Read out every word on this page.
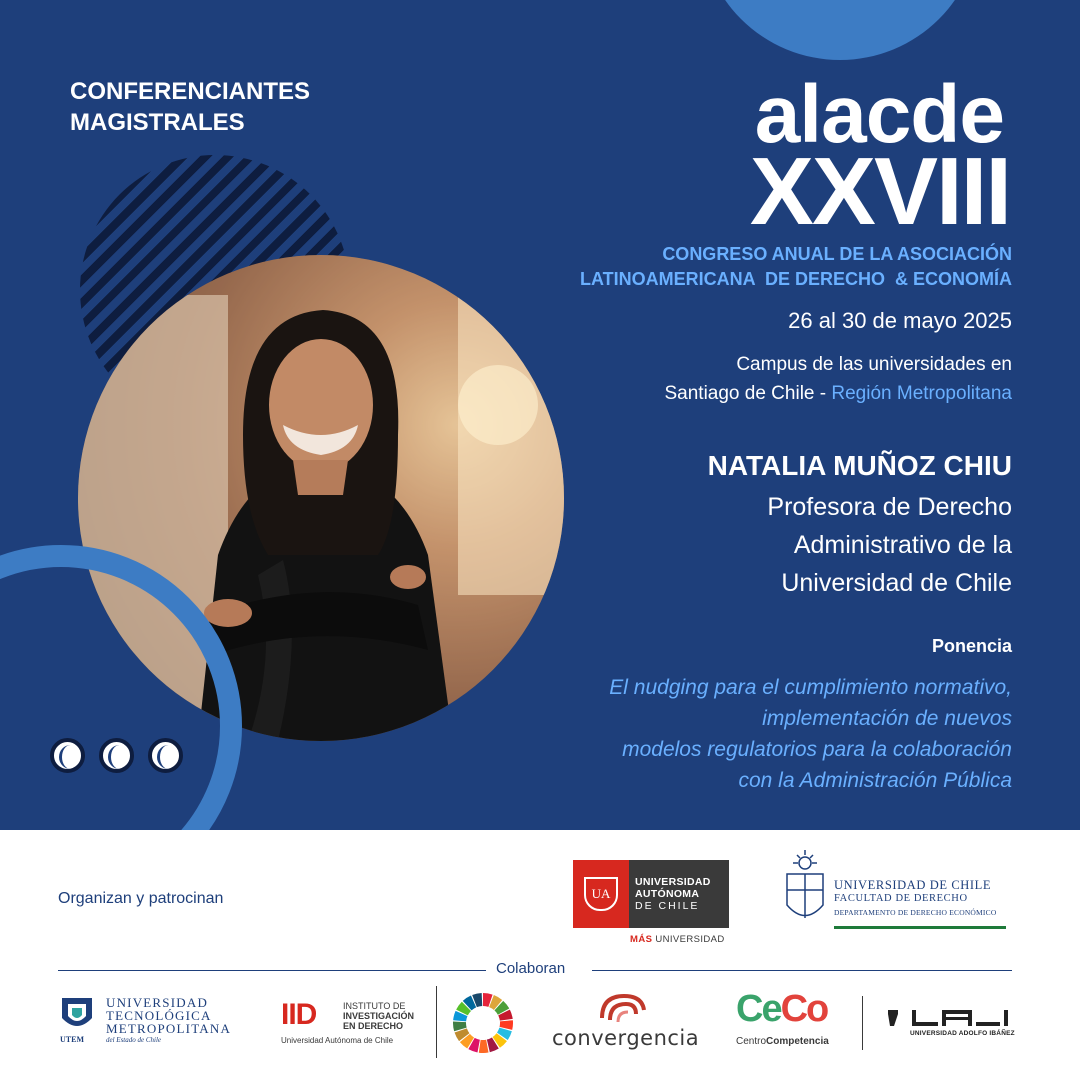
CONFERENCIANTES
MAGISTRALES	alacde
XXVIII
CONGRESO ANUAL DE LA ASOCIACIÓN
LATINOAMERICANA  DE DERECHO  & ECONOMÍA
26 al 30 de mayo 2025
Campus de las universidades en
Santiago de Chile - Región Metropolitana
NATALIA MUÑOZ CHIU
Profesora de Derecho
Administrativo de la
Universidad de Chile
Ponencia
El nudging para el cumplimiento normativo,
implementación de nuevos
modelos regulatorios para la colaboración
con la Administración Pública
Organizan y patrocinan	UA
UNIVERSIDAD
AUTÓNOMA
DE CHILE
MÁS UNIVERSIDAD
UNIVERSIDAD DE CHILE
FACULTAD DE DERECHO
DEPARTAMENTO DE DERECHO ECONÓMICO
Colaboran
UTEM
UNIVERSIDAD
TECNOLÓGICA
METROPOLITANA
del Estado de Chile
IID	INSTITUTO DE
INVESTIGACIÓN
EN DERECHO
Universidad Autónoma de Chile	convergencia
CeCo
CentroCompetencia
UNIVERSIDAD ADOLFO IBÁÑEZ
